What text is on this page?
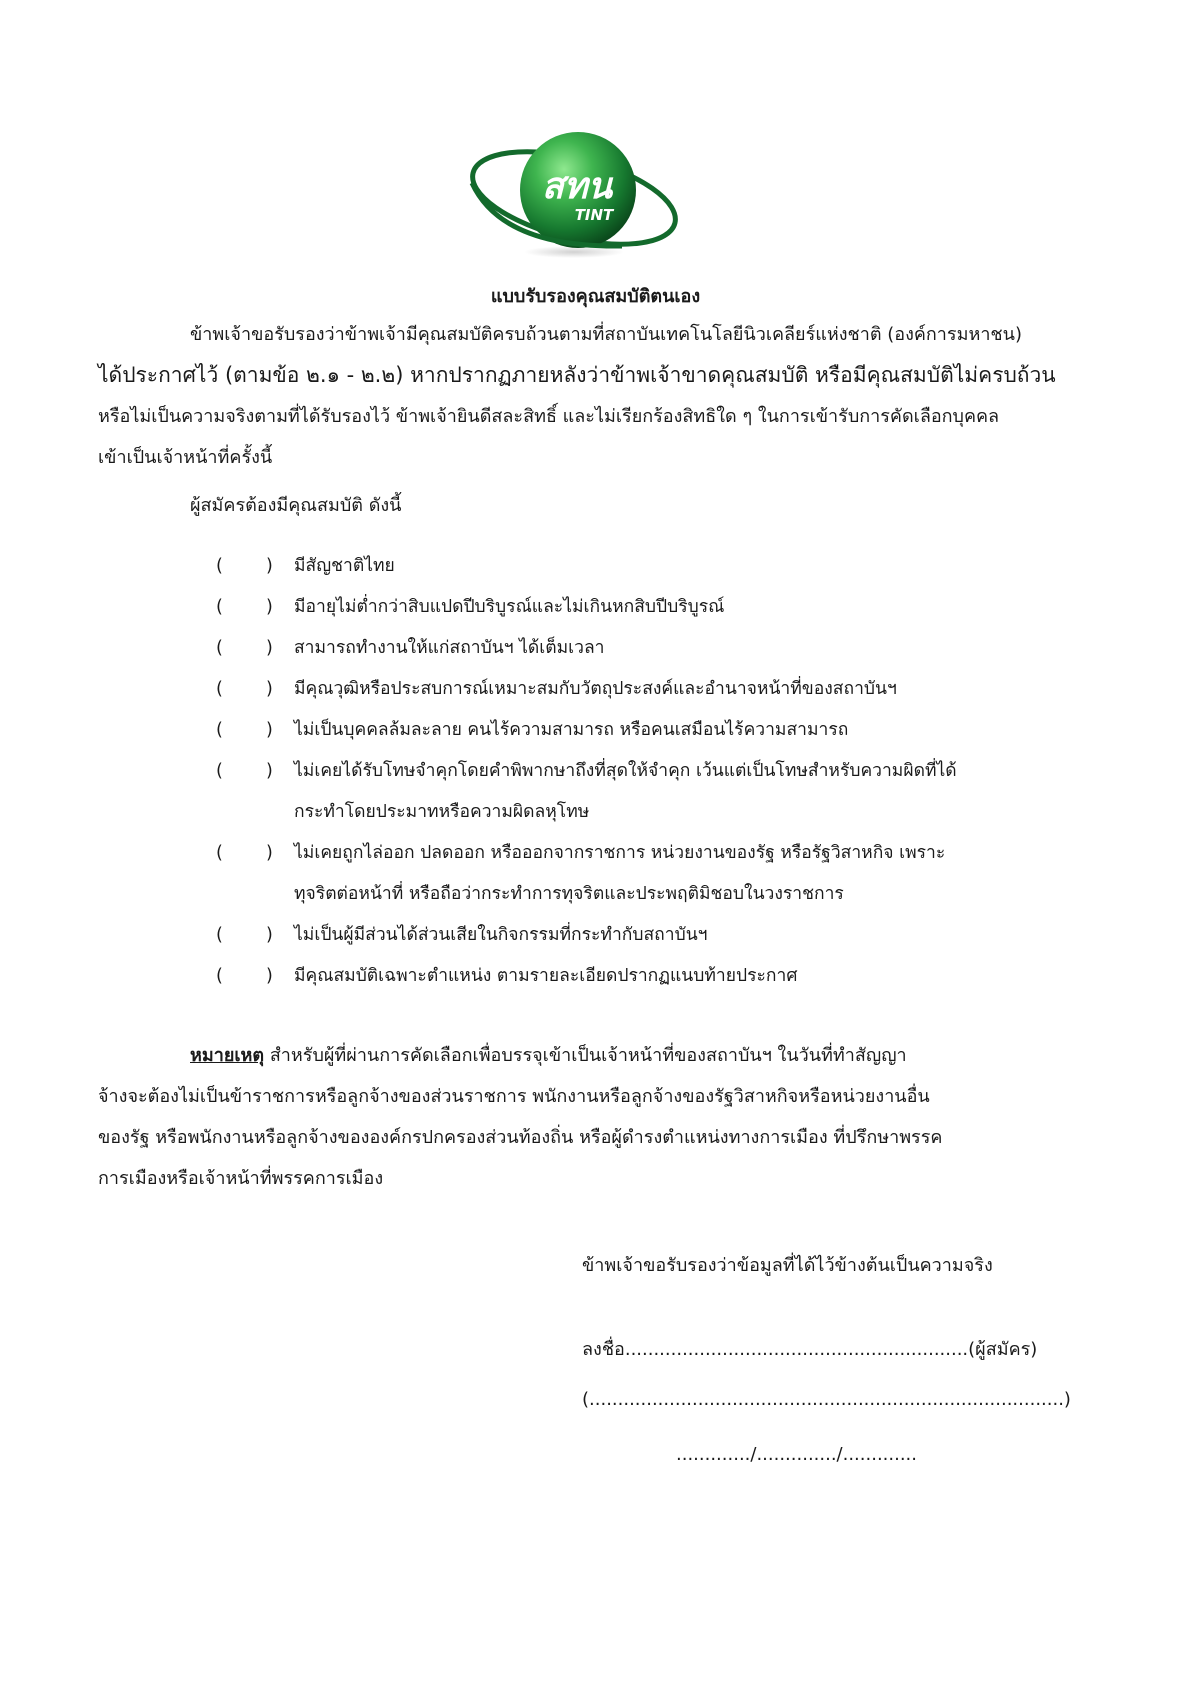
สทน
TINT
แบบรับรองคุณสมบัติตนเอง
ข้าพเจ้าขอรับรองว่าข้าพเจ้ามีคุณสมบัติครบถ้วนตามที่สถาบันเทคโนโลยีนิวเคลียร์แห่งชาติ (องค์การมหาชน)
ได้ประกาศไว้ (ตามข้อ ๒.๑ - ๒.๒) หากปรากฏภายหลังว่าข้าพเจ้าขาดคุณสมบัติ หรือมีคุณสมบัติไม่ครบถ้วน
หรือไม่เป็นความจริงตามที่ได้รับรองไว้ ข้าพเจ้ายินดีสละสิทธิ์ และไม่เรียกร้องสิทธิใด ๆ ในการเข้ารับการคัดเลือกบุคคล
เข้าเป็นเจ้าหน้าที่ครั้งนี้
ผู้สมัครต้องมีคุณสมบัติ ดังนี้
( ) มีสัญชาติไทย
( ) มีอายุไม่ต่ำกว่าสิบแปดปีบริบูรณ์และไม่เกินหกสิบปีบริบูรณ์
( ) สามารถทำงานให้แก่สถาบันฯ ได้เต็มเวลา
( ) มีคุณวุฒิหรือประสบการณ์เหมาะสมกับวัตถุประสงค์และอำนาจหน้าที่ของสถาบันฯ
( ) ไม่เป็นบุคคลล้มละลาย คนไร้ความสามารถ หรือคนเสมือนไร้ความสามารถ
( ) ไม่เคยได้รับโทษจำคุกโดยคำพิพากษาถึงที่สุดให้จำคุก เว้นแต่เป็นโทษสำหรับความผิดที่ได้
กระทำโดยประมาทหรือความผิดลหุโทษ
( ) ไม่เคยถูกไล่ออก ปลดออก หรือออกจากราชการ หน่วยงานของรัฐ หรือรัฐวิสาหกิจ เพราะ
ทุจริตต่อหน้าที่ หรือถือว่ากระทำการทุจริตและประพฤติมิชอบในวงราชการ
( ) ไม่เป็นผู้มีส่วนได้ส่วนเสียในกิจกรรมที่กระทำกับสถาบันฯ
( ) มีคุณสมบัติเฉพาะตำแหน่ง ตามรายละเอียดปรากฏแนบท้ายประกาศ
หมายเหตุ สำหรับผู้ที่ผ่านการคัดเลือกเพื่อบรรจุเข้าเป็นเจ้าหน้าที่ของสถาบันฯ ในวันที่ทำสัญญา
จ้างจะต้องไม่เป็นข้าราชการหรือลูกจ้างของส่วนราชการ พนักงานหรือลูกจ้างของรัฐวิสาหกิจหรือหน่วยงานอื่น
ของรัฐ หรือพนักงานหรือลูกจ้างขององค์กรปกครองส่วนท้องถิ่น หรือผู้ดำรงตำแหน่งทางการเมือง ที่ปรึกษาพรรค
การเมืองหรือเจ้าหน้าที่พรรคการเมือง
ข้าพเจ้าขอรับรองว่าข้อมูลที่ได้ไว้ข้างต้นเป็นความจริง
ลงชื่อ............................................................(ผู้สมัคร)
(...................................................................................)
............./............../.............
